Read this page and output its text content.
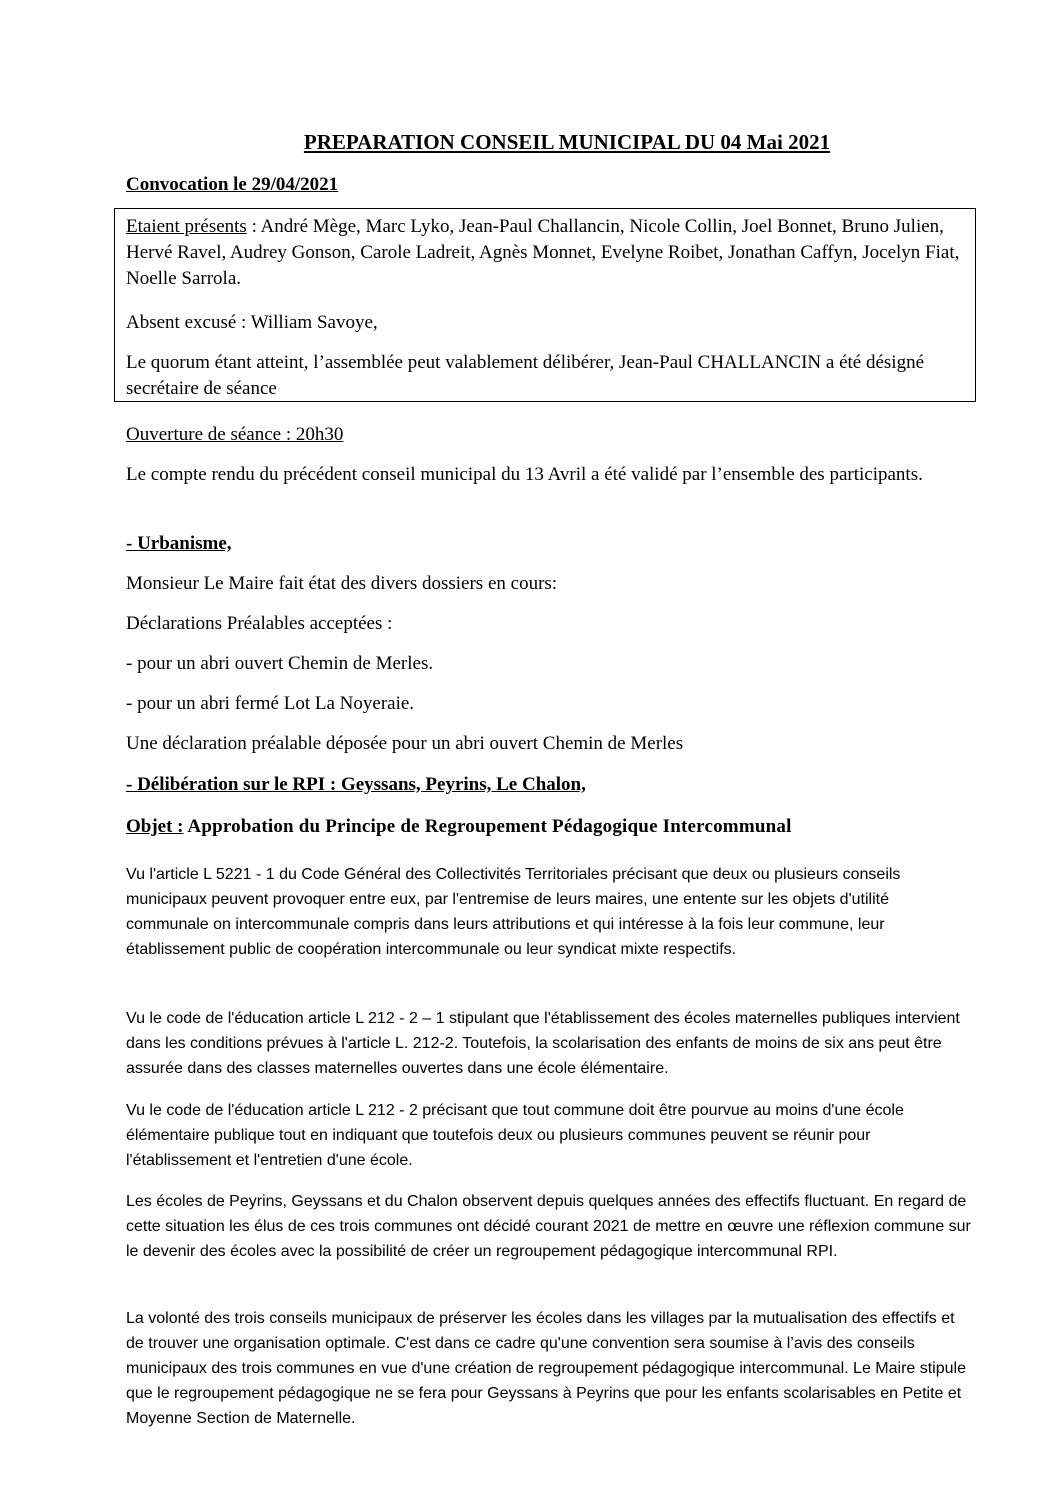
PREPARATION CONSEIL MUNICIPAL DU 04 Mai 2021
Convocation le 29/04/2021

Etaient présents : André Mège, Marc Lyko, Jean-Paul Challancin, Nicole Collin, Joel Bonnet, Bruno Julien, Hervé Ravel, Audrey Gonson, Carole Ladreit, Agnès Monnet, Evelyne Roibet, Jonathan Caffyn, Jocelyn Fiat, Noelle Sarrola.

Absent excusé : William Savoye,

Le quorum étant atteint, l’assemblée peut valablement délibérer, Jean-Paul CHALLANCIN a été désigné secrétaire de séance

Ouverture de séance : 20h30

Le compte rendu du précédent conseil municipal du 13 Avril a été validé par l’ensemble des participants.

- Urbanisme,

Monsieur Le Maire fait état des divers dossiers en cours:

Déclarations Préalables acceptées :

- pour un abri ouvert Chemin de Merles.

- pour un abri fermé Lot La Noyeraie.

Une déclaration préalable déposée pour un abri ouvert Chemin de Merles

- Délibération sur le RPI : Geyssans, Peyrins, Le Chalon,

Objet : Approbation du Principe de Regroupement Pédagogique Intercommunal

Vu l'article L 5221 - 1 du Code Général des Collectivités Territoriales précisant que deux ou plusieurs conseils municipaux peuvent provoquer entre eux, par l'entremise de leurs maires, une entente sur les objets d'utilité communale on intercommunale compris dans leurs attributions et qui intéresse à la fois leur commune, leur établissement public de coopération intercommunale ou leur syndicat mixte respectifs.

Vu le code de l'éducation article L 212 - 2 – 1 stipulant que l'établissement des écoles maternelles publiques intervient dans les conditions prévues à l'article L. 212-2. Toutefois, la scolarisation des enfants de moins de six ans peut être assurée dans des classes maternelles ouvertes dans une école élémentaire.

Vu le code de l'éducation article L 212 - 2 précisant que tout commune doit être pourvue au moins d'une école élémentaire publique tout en indiquant que toutefois deux ou plusieurs communes peuvent se réunir pour l'établissement et l'entretien d'une école.

Les écoles de Peyrins, Geyssans et du Chalon observent depuis quelques années des effectifs fluctuant. En regard de cette situation les élus de ces trois communes ont décidé courant 2021 de mettre en œuvre une réflexion commune sur le devenir des écoles avec la possibilité de créer un regroupement pédagogique intercommunal RPI.

La volonté des trois conseils municipaux de préserver les écoles dans les villages par la mutualisation des effectifs et de trouver une organisation optimale. C'est dans ce cadre qu'une convention sera soumise à l’avis des conseils municipaux des trois communes en vue d'une création de regroupement pédagogique intercommunal. Le Maire stipule que le regroupement pédagogique ne se fera pour Geyssans à Peyrins que pour les enfants scolarisables en Petite et Moyenne Section de Maternelle.
